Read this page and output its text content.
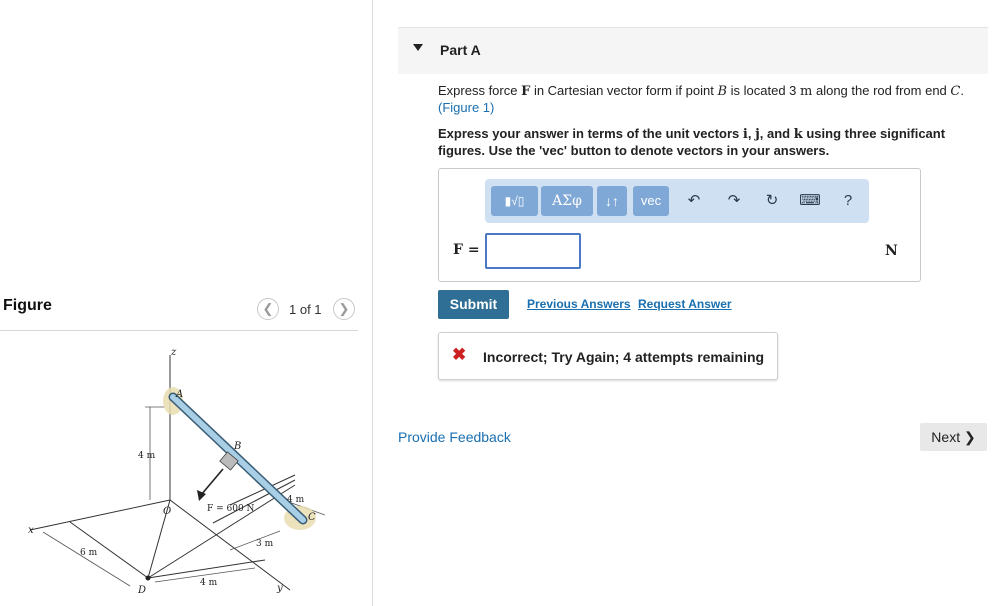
Figure	❮	1 of 1	❯
z
A
B
O
C
D
x
y
4 m
4 m
3 m
6 m
4 m
F = 600 N
Part A
Express force F in Cartesian vector form if point B is located 3 m along the rod from end C.
(Figure 1)
Express your answer in terms of the unit vectors i, j, and k using three significant figures. Use the 'vec' button to denote vectors in your answers.
▮√▯	ΑΣφ	↓↑	vec	↶	↷	↻	⌨	?
F =	N
Submit	Previous Answers Request Answer
✖ Incorrect; Try Again; 4 attempts remaining
Provide Feedback	Next ❯
